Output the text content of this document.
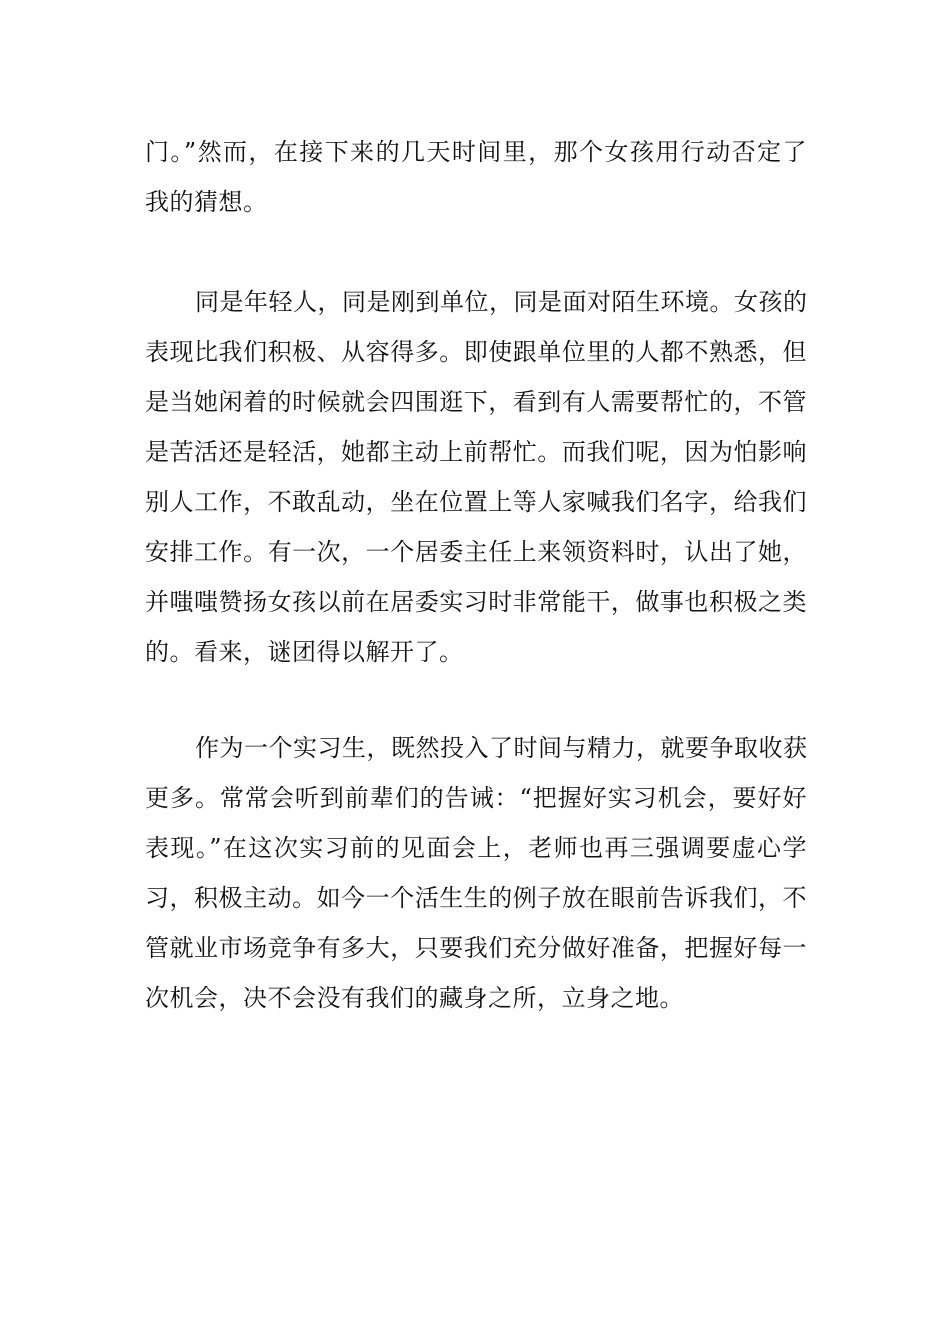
门。”然而，在接下来的几天时间里，那个女孩用行动否定了
我的猜想。
同是年轻人，同是刚到单位，同是面对陌生环境。女孩的
表现比我们积极、从容得多。即使跟单位里的人都不熟悉，但
是当她闲着的时候就会四围逛下，看到有人需要帮忙的，不管
是苦活还是轻活，她都主动上前帮忙。而我们呢，因为怕影响
别人工作，不敢乱动，坐在位置上等人家喊我们名字，给我们
安排工作。有一次，一个居委主任上来领资料时，认出了她，
并嗤嗤赞扬女孩以前在居委实习时非常能干，做事也积极之类
的。看来，谜团得以解开了。
作为一个实习生，既然投入了时间与精力，就要争取收获
更多。常常会听到前辈们的告诫：“把握好实习机会，要好好
表现。”在这次实习前的见面会上，老师也再三强调要虚心学
习，积极主动。如今一个活生生的例子放在眼前告诉我们，不
管就业市场竞争有多大，只要我们充分做好准备，把握好每一
次机会，决不会没有我们的藏身之所，立身之地。
